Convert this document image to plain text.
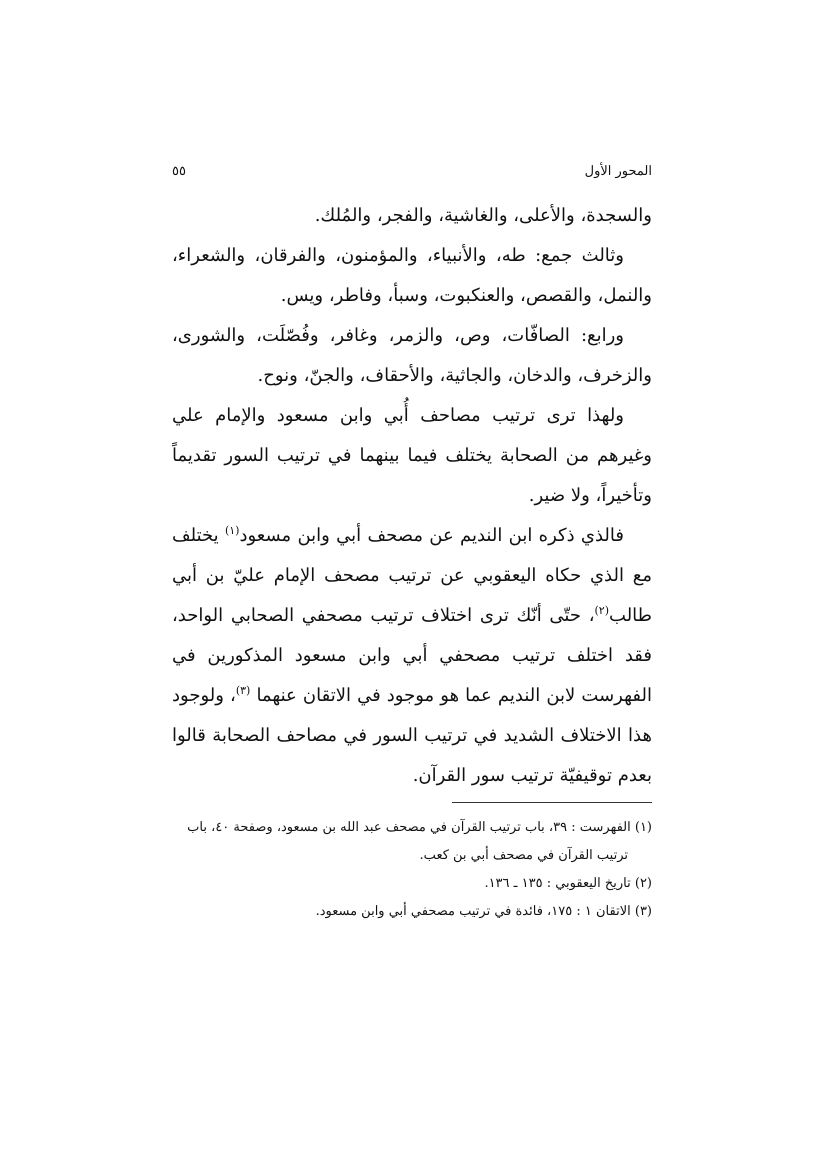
المحور الأول
٥٥

والسجدة، والأعلى، والغاشية، والفجر، والمُلك.

وثالث جمع: طه، والأنبياء، والمؤمنون، والفرقان، والشعراء، والنمل، والقصص، والعنكبوت، وسبأ، وفاطر، ويس.

ورابع: الصافّات، وص، والزمر، وغافر، وفُصّلَت، والشورى، والزخرف، والدخان، والجاثية، والأحقاف، والجنّ، ونوح.

ولهذا ترى ترتيب مصاحف أُبي وابن مسعود والإمام علي وغيرهم من الصحابة يختلف فيما بينهما في ترتيب السور تقديماً وتأخيراً، ولا ضير.

فالذي ذكره ابن النديم عن مصحف أبي وابن مسعود$^{(١)}$ يختلف مع الذي حكاه اليعقوبي عن ترتيب مصحف الإمام عليّ بن أبي طالب$^{(٢)}$، حتّى أنّك ترى اختلاف ترتيب مصحفي الصحابي الواحد، فقد اختلف ترتيب مصحفي أبي وابن مسعود المذكورين في الفهرست لابن النديم عما هو موجود في الاتقان عنهما $^{(٣)}$، ولوجود هذا الاختلاف الشديد في ترتيب السور في مصاحف الصحابة قالوا بعدم توقيفيّة ترتيب سور القرآن.

(١) الفهرست : ٣٩، باب ترتيب القرآن في مصحف عبد الله بن مسعود، وصفحة ٤٠، باب

ترتيب القرآن في مصحف أبي بن كعب.

(٢) تاريخ اليعقوبي : ١٣٥ ـ ١٣٦.

(٣) الاتقان ١ : ١٧٥، فائدة في ترتيب مصحفي أبي وابن مسعود.
